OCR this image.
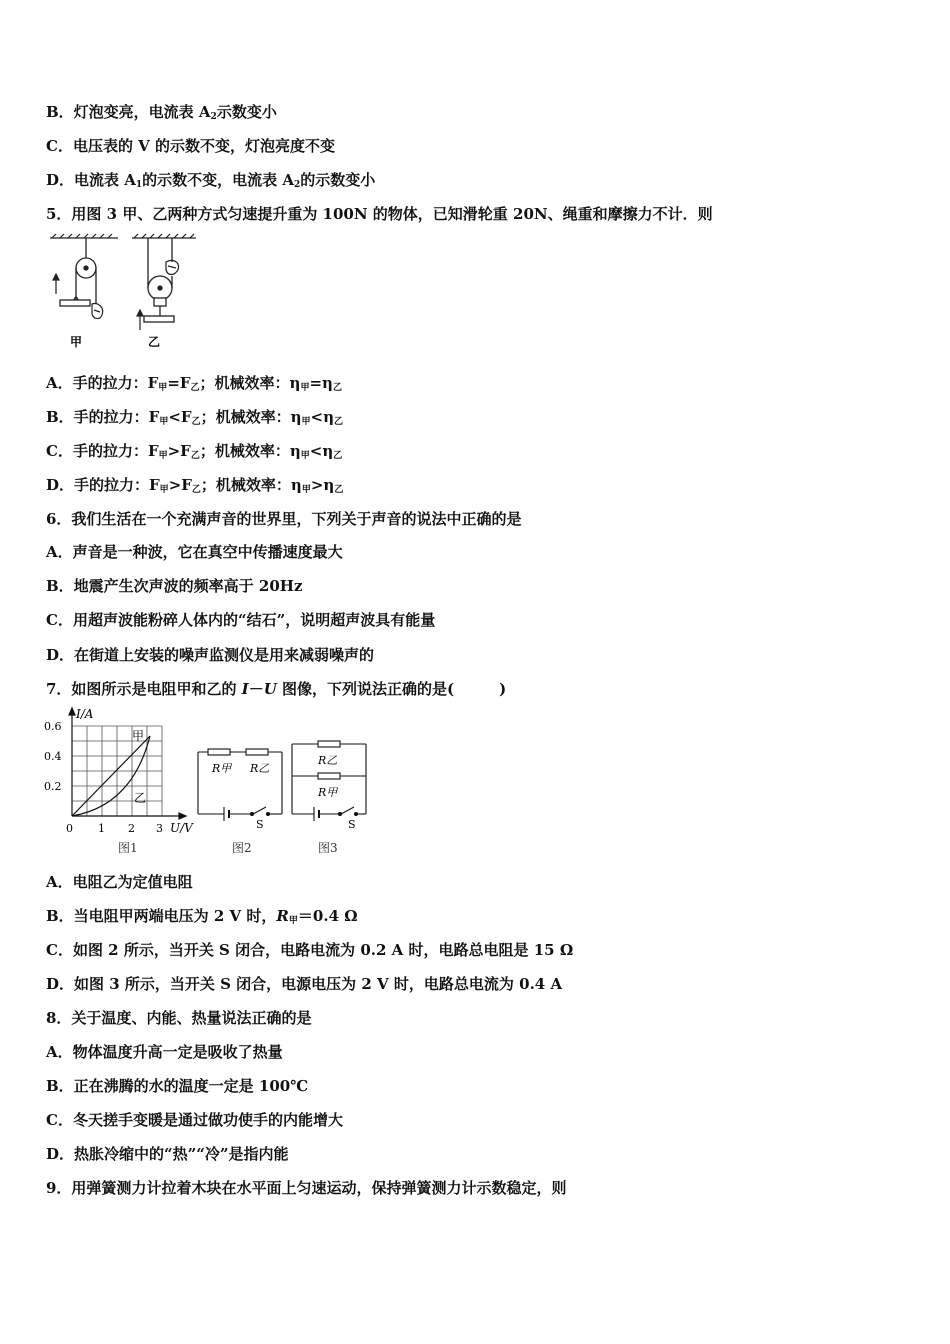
B．灯泡变亮，电流表 $A_2$示数变小
C．电压表的 V 的示数不变，灯泡亮度不变
D．电流表 $A_1$的示数不变，电流表 $A_2$的示数变小
5．用图 3 甲、乙两种方式匀速提升重为 100N 的物体，已知滑轮重 20N、绳重和摩擦力不计．则
甲	乙
A．手的拉力：$F_甲=F_乙$；机械效率：$\eta_甲=\eta_乙$
B．手的拉力：$F_甲<F_乙$；机械效率：$\eta_甲<\eta_乙$
C．手的拉力：$F_甲>F_乙$；机械效率：$\eta_甲<\eta_乙$
D．手的拉力：$F_甲>F_乙$；机械效率：$\eta_甲>\eta_乙$
6．我们生活在一个充满声音的世界里，下列关于声音的说法中正确的是
A．声音是一种波，它在真空中传播速度最大
B．地震产生次声波的频率高于 20Hz
C．用超声波能粉碎人体内的“结石”，说明超声波具有能量
D．在街道上安装的噪声监测仪是用来减弱噪声的
7．如图所示是电阻甲和乙的 I－U 图像，下列说法正确的是(　　　)
I/A
0.6
0.4
0.2
0 1 2 3 U/V
甲
乙
图1
R甲 R乙
S
图2
R乙
R甲
S
图3
A．电阻乙为定值电阻
B．当电阻甲两端电压为 2 V 时，$R_甲=0.4$ Ω
C．如图 2 所示，当开关 S 闭合，电路电流为 0.2 A 时，电路总电阻是 15 Ω
D．如图 3 所示，当开关 S 闭合，电源电压为 2 V 时，电路总电流为 0.4 A
8．关于温度、内能、热量说法正确的是
A．物体温度升高一定是吸收了热量
B．正在沸腾的水的温度一定是 100℃
C．冬天搓手变暖是通过做功使手的内能增大
D．热胀冷缩中的“热”“冷”是指内能
9．用弹簧测力计拉着木块在水平面上匀速运动，保持弹簧测力计示数稳定，则
